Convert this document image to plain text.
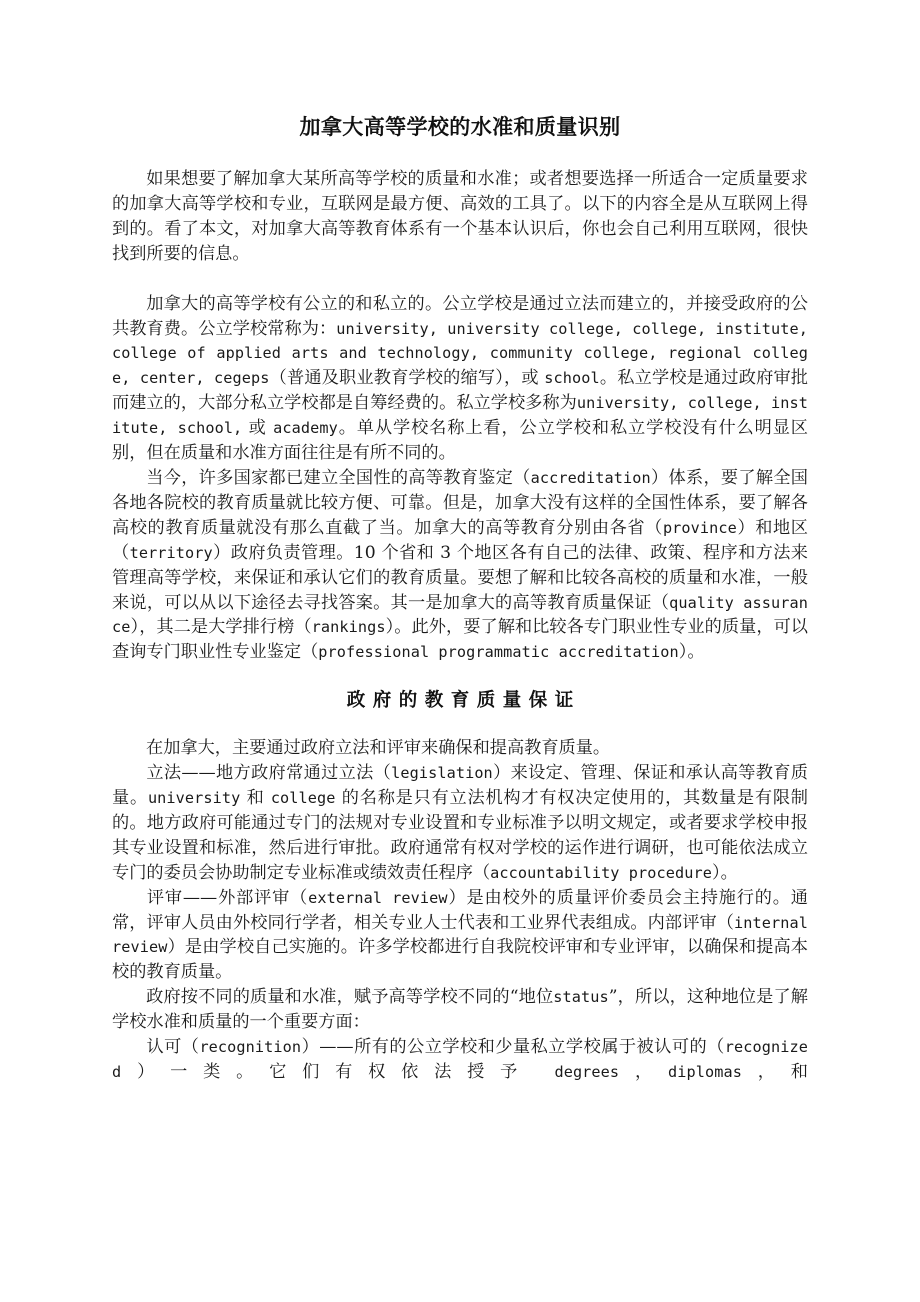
加拿大高等学校的水准和质量识别

如果想要了解加拿大某所高等学校的质量和水准；或者想要选择一所适合一定质量要求的加拿大高等学校和专业，互联网是最方便、高效的工具了。以下的内容全是从互联网上得到的。看了本文，对加拿大高等教育体系有一个基本认识后，你也会自己利用互联网，很快找到所要的信息。

加拿大的高等学校有公立的和私立的。公立学校是通过立法而建立的，并接受政府的公共教育费。公立学校常称为：university, university college, college, institute, college of applied arts and technology, community college, regional college, center, cegeps（普通及职业教育学校的缩写），或 school。私立学校是通过政府审批而建立的，大部分私立学校都是自筹经费的。私立学校多称为university, college, institute, school, 或 academy。单从学校名称上看，公立学校和私立学校没有什么明显区别，但在质量和水准方面往往是有所不同的。

当今，许多国家都已建立全国性的高等教育鉴定（accreditation）体系，要了解全国各地各院校的教育质量就比较方便、可靠。但是，加拿大没有这样的全国性体系，要了解各高校的教育质量就没有那么直截了当。加拿大的高等教育分别由各省（province）和地区（territory）政府负责管理。10 个省和 3 个地区各有自己的法律、政策、程序和方法来管理高等学校，来保证和承认它们的教育质量。要想了解和比较各高校的质量和水准，一般来说，可以从以下途径去寻找答案。其一是加拿大的高等教育质量保证（quality assurance），其二是大学排行榜（rankings）。此外，要了解和比较各专门职业性专业的质量，可以查询专门职业性专业鉴定（professional programmatic accreditation）。

政府的教育质量保证

在加拿大，主要通过政府立法和评审来确保和提高教育质量。

立法——地方政府常通过立法（legislation）来设定、管理、保证和承认高等教育质量。university 和 college 的名称是只有立法机构才有权决定使用的，其数量是有限制的。地方政府可能通过专门的法规对专业设置和专业标准予以明文规定，或者要求学校申报其专业设置和标准，然后进行审批。政府通常有权对学校的运作进行调研，也可能依法成立专门的委员会协助制定专业标准或绩效责任程序（accountability procedure）。

评审——外部评审（external review）是由校外的质量评价委员会主持施行的。通常，评审人员由外校同行学者，相关专业人士代表和工业界代表组成。内部评审（internal review）是由学校自己实施的。许多学校都进行自我院校评审和专业评审，以确保和提高本校的教育质量。

政府按不同的质量和水准，赋予高等学校不同的“地位status”，所以，这种地位是了解学校水准和质量的一个重要方面：

认可（recognition）——所有的公立学校和少量私立学校属于被认可的（recognized）一类。它们有权依法授予 degrees，diplomas，和
